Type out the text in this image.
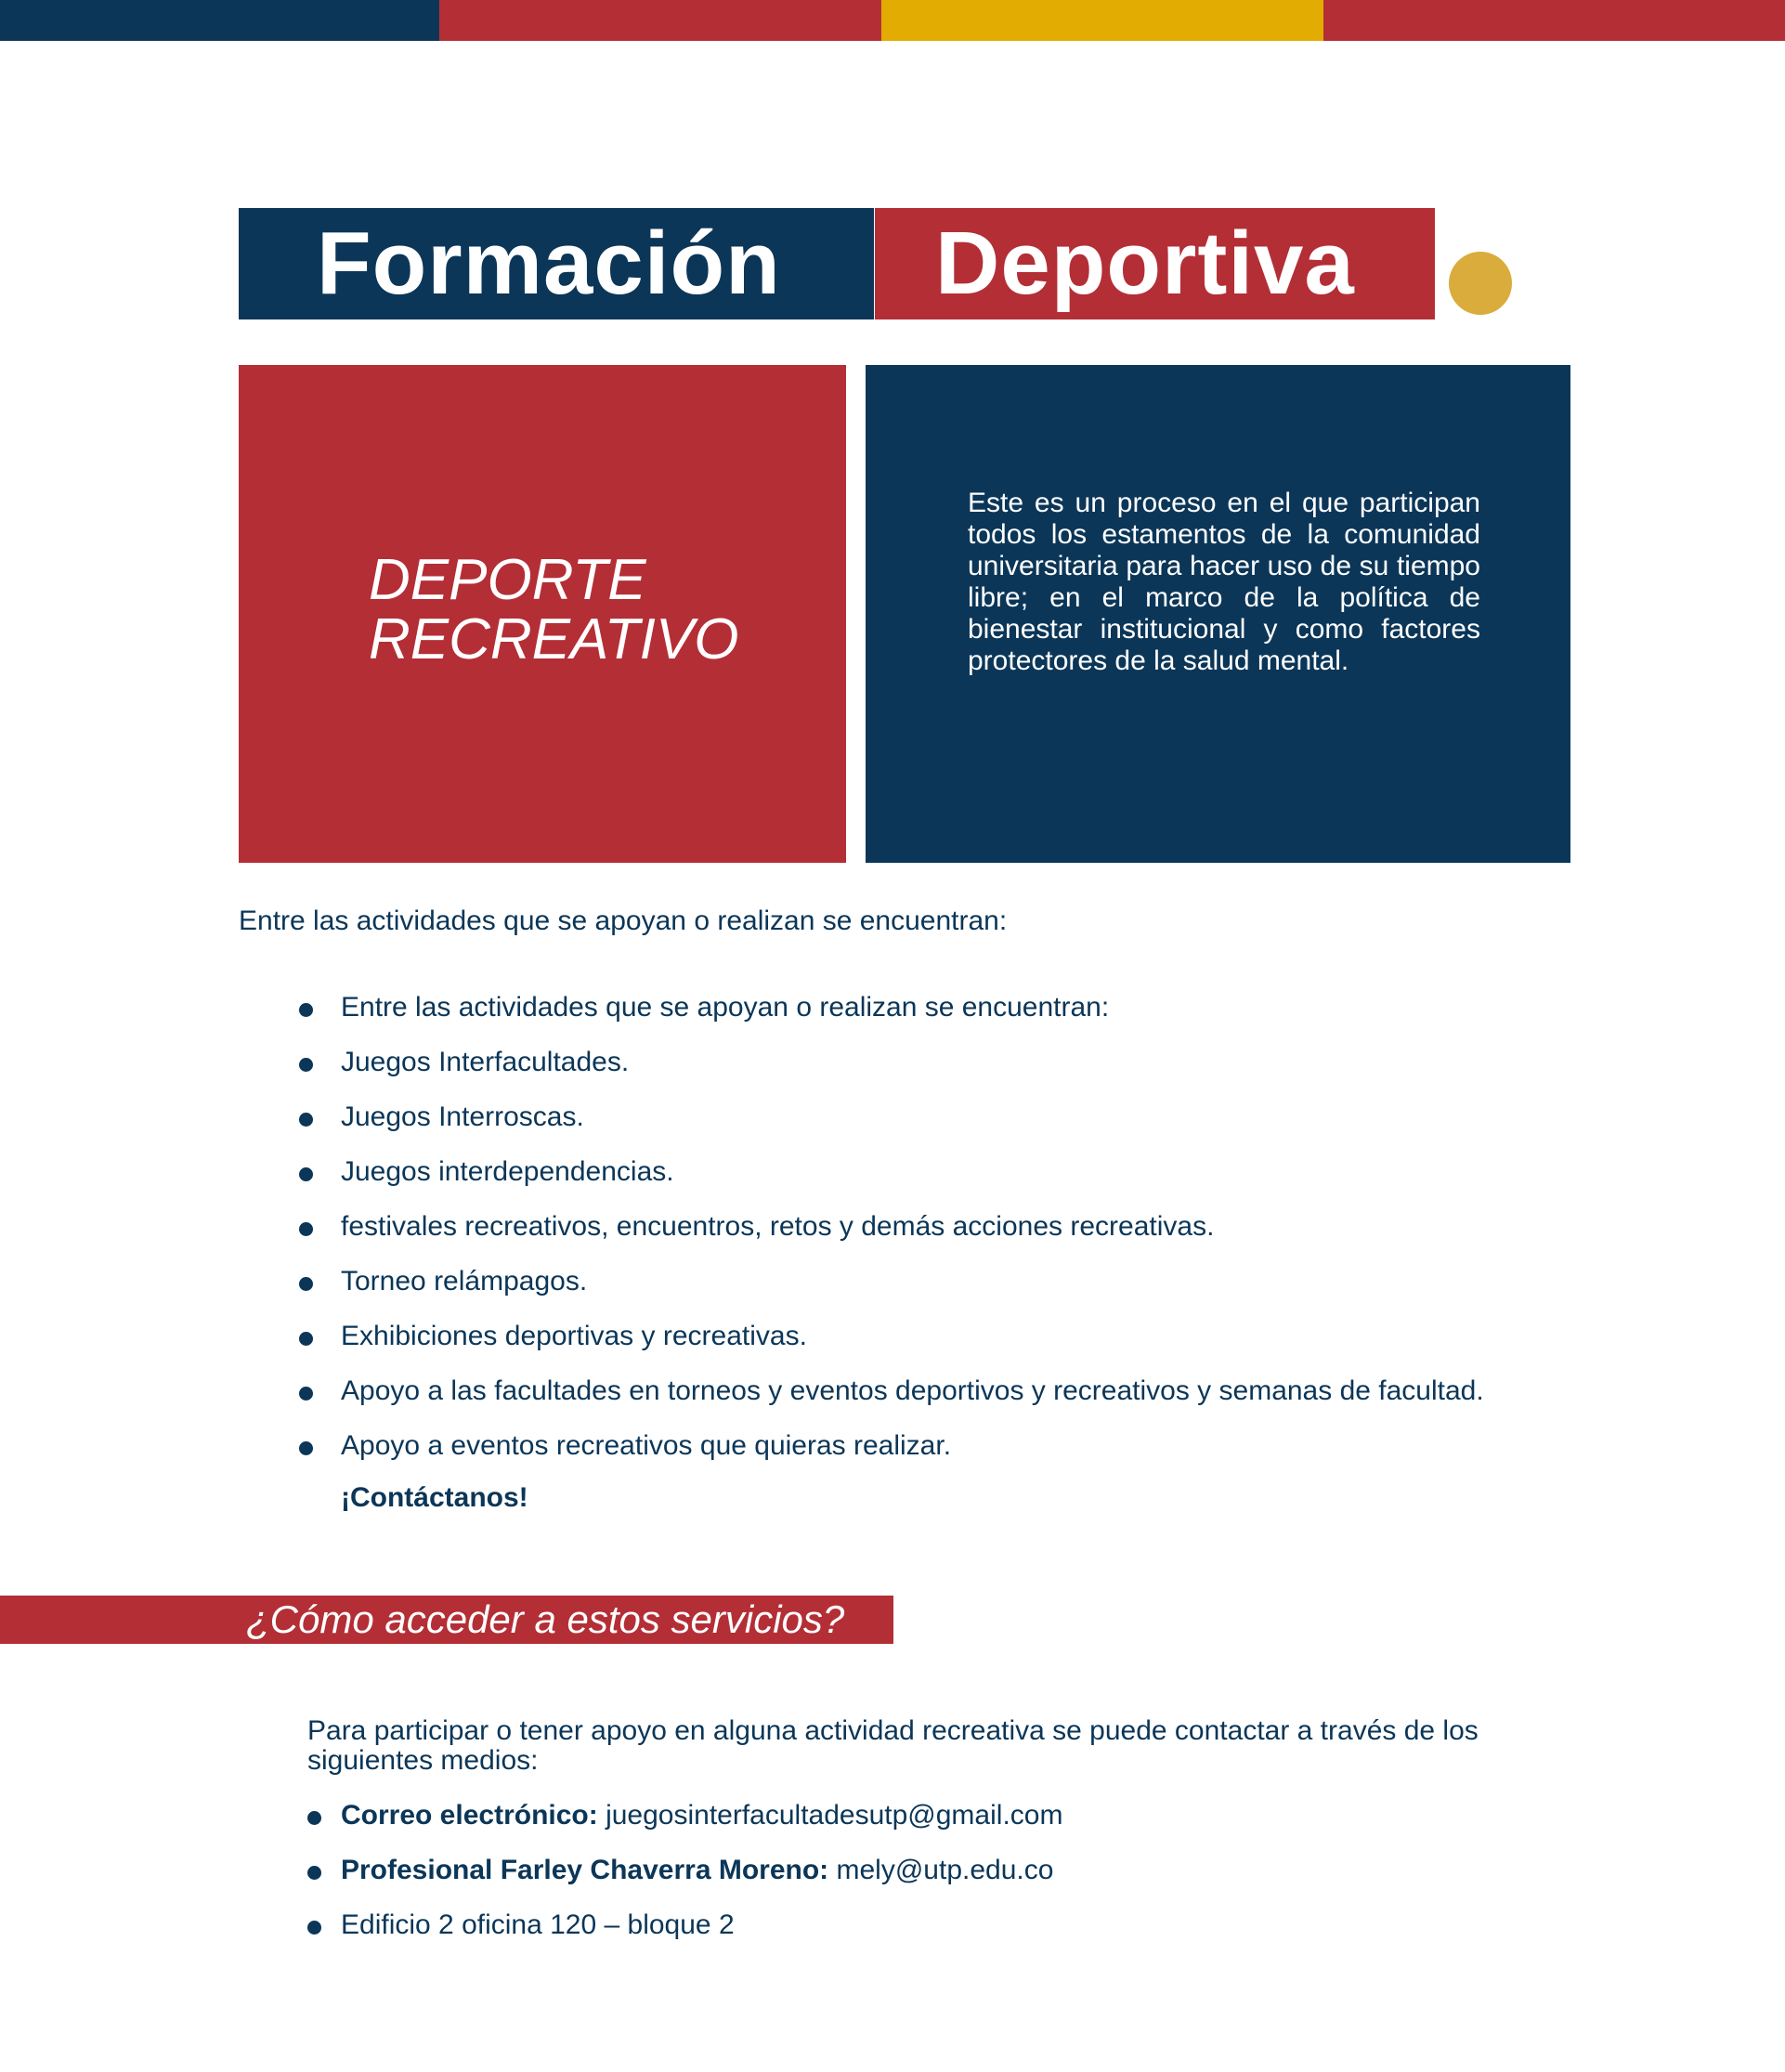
Formación Deportiva
DEPORTE
RECREATIVO

Este es un proceso en el que participan todos los estamentos de la comunidad universitaria para hacer uso de su tiempo libre; en el marco de la política de bienestar institucional y como factores protectores de la salud mental.

Entre las actividades que se apoyan o realizan se encuentran:

Entre las actividades que se apoyan o realizan se encuentran:
Juegos Interfacultades.
Juegos Interroscas.
Juegos interdependencias.
festivales recreativos, encuentros, retos y demás acciones recreativas.
Torneo relámpagos.
Exhibiciones deportivas y recreativas.
Apoyo a las facultades en torneos y eventos deportivos y recreativos y semanas de facultad.
Apoyo a eventos recreativos que quieras realizar.
¡Contáctanos!
¿Cómo acceder a estos servicios?

Para participar o tener apoyo en alguna actividad recreativa se puede contactar a través de los siguientes medios:

Correo electrónico: juegosinterfacultadesutp@gmail.com
Profesional Farley Chaverra Moreno: mely@utp.edu.co
Edificio 2 oficina 120 – bloque 2
